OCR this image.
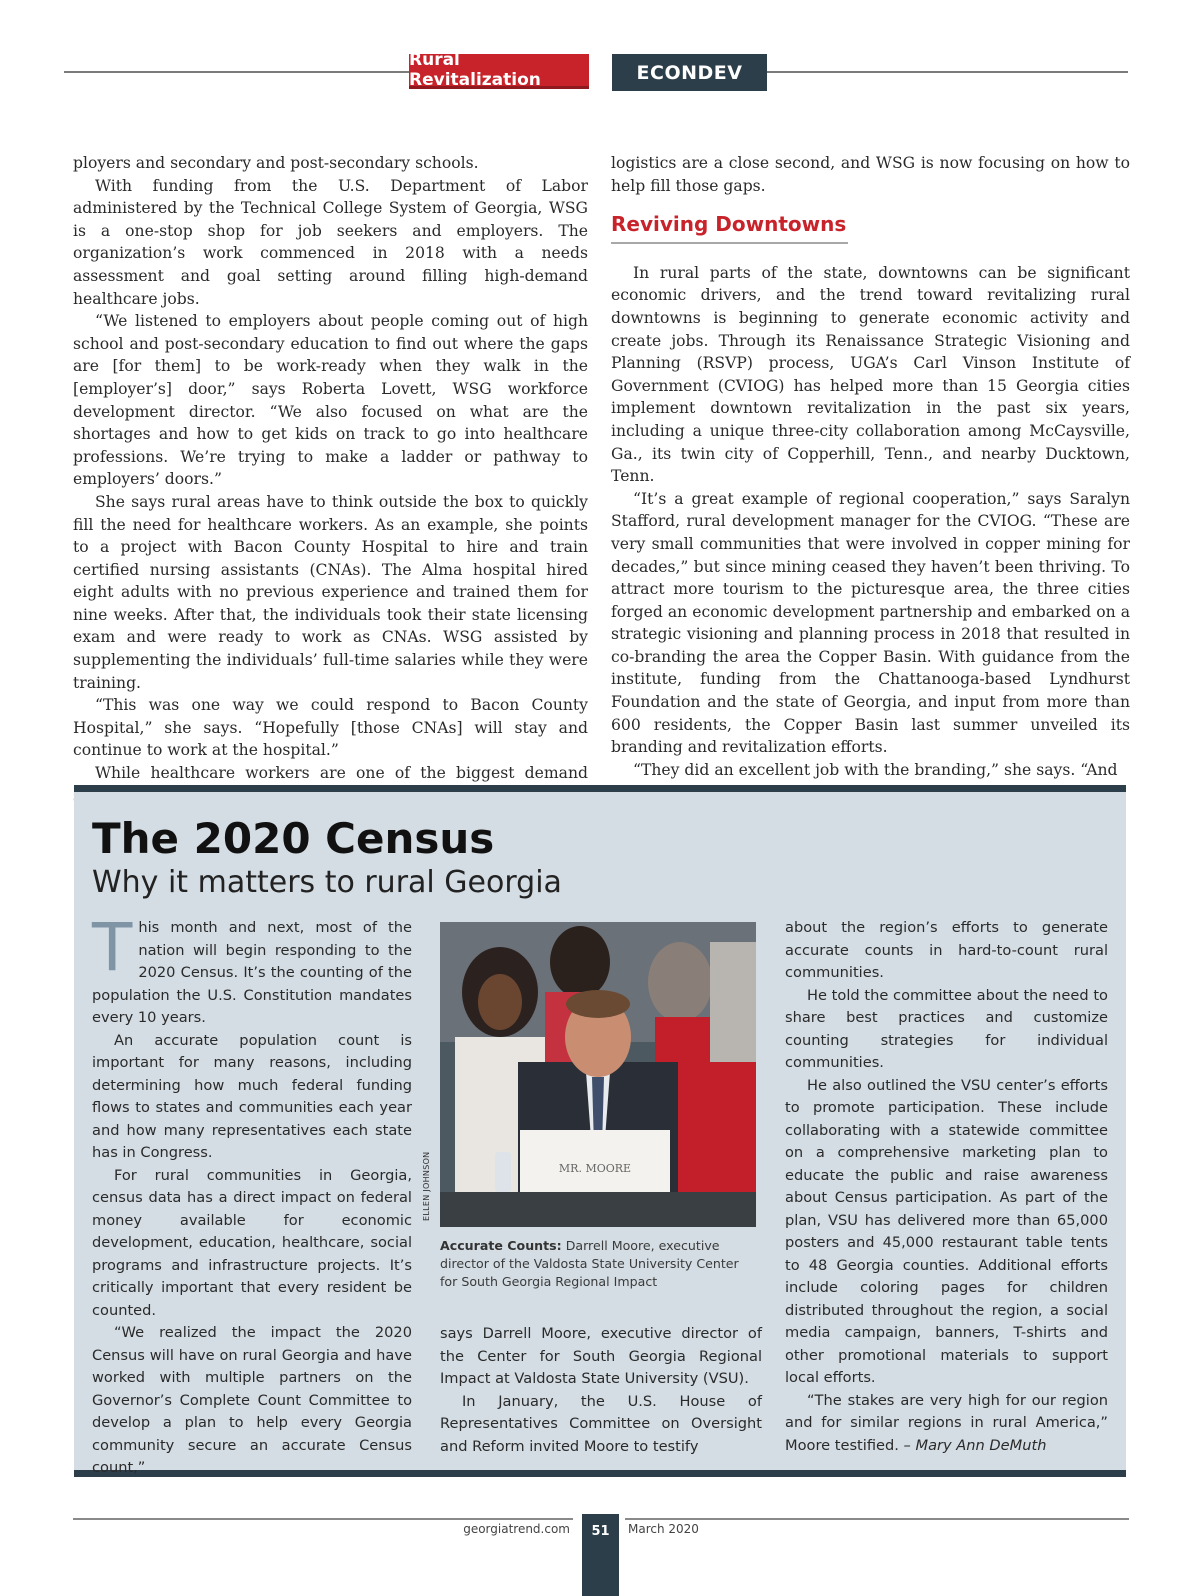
Rural Revitalization	ECONDEV

ployers and secondary and post-secondary schools.

With funding from the U.S. Department of Labor administered by the Technical College System of Georgia, WSG is a one-stop shop for job seekers and employers. The organization’s work commenced in 2018 with a needs assessment and goal setting around filling high-demand healthcare jobs.

“We listened to employers about people coming out of high school and post-secondary education to find out where the gaps are [for them] to be work-ready when they walk in the [employer’s] door,” says Roberta Lovett, WSG workforce development director. “We also focused on what are the shortages and how to get kids on track to go into healthcare professions. We’re trying to make a ladder or pathway to employers’ doors.”

She says rural areas have to think outside the box to quickly fill the need for healthcare workers. As an example, she points to a project with Bacon County Hospital to hire and train certified nursing assistants (CNAs). The Alma hospital hired eight adults with no previous experience and trained them for nine weeks. After that, the individuals took their state licensing exam and were ready to work as CNAs. WSG assisted by supplementing the individuals’ full-time salaries while they were training.

“This was one way we could respond to Bacon County Hospital,” she says. “Hopefully [those CNAs] will stay and continue to work at the hospital.”

While healthcare workers are one of the biggest demand

logistics are a close second, and WSG is now focusing on how to help fill those gaps.

Reviving Downtowns

In rural parts of the state, downtowns can be significant economic drivers, and the trend toward revitalizing rural downtowns is beginning to generate economic activity and create jobs. Through its Renaissance Strategic Visioning and Planning (RSVP) process, UGA’s Carl Vinson Institute of Government (CVIOG) has helped more than 15 Georgia cities implement downtown revitalization in the past six years, including a unique three-city collaboration among McCaysville, Ga., its twin city of Copperhill, Tenn., and nearby Ducktown, Tenn.

“It’s a great example of regional cooperation,” says Saralyn Stafford, rural development manager for the CVIOG. “These are very small communities that were involved in copper mining for decades,” but since mining ceased they haven’t been thriving. To attract more tourism to the picturesque area, the three cities forged an economic development partnership and embarked on a strategic visioning and planning process in 2018 that resulted in co-branding the area the Copper Basin. With guidance from the institute, funding from the Chattanooga-based Lyndhurst Foundation and the state of Georgia, and input from more than 600 residents, the Copper Basin last summer unveiled its branding and revitalization efforts.

“They did an excellent job with the branding,” she says. “And

The 2020 Census
Why it matters to rural Georgia

This month and next, most of the nation will begin responding to the 2020 Census. It’s the counting of the population the U.S. Constitution mandates every 10 years.

An accurate population count is important for many reasons, including determining how much federal funding flows to states and communities each year and how many representatives each state has in Congress.

For rural communities in Georgia, census data has a direct impact on federal money available for economic development, education, healthcare, social programs and infrastructure projects. It’s critically important that every resident be counted.

“We realized the impact the 2020 Census will have on rural Georgia and have worked with multiple partners on the Governor’s Complete Count Committee to develop a plan to help every Georgia community secure an accurate Census count,”

MR. MOORE
ELLEN JOHNSON
Accurate Counts: Darrell Moore, executive director of the Valdosta State University Center for South Georgia Regional Impact

says Darrell Moore, executive director of the Center for South Georgia Regional Impact at Valdosta State University (VSU).

In January, the U.S. House of Representatives Committee on Oversight and Reform invited Moore to testify

about the region’s efforts to generate accurate counts in hard-to-count rural communities.

He told the committee about the need to share best practices and customize counting strategies for individual communities.

He also outlined the VSU center’s efforts to promote participation. These include collaborating with a statewide committee on a comprehensive marketing plan to educate the public and raise awareness about Census participation. As part of the plan, VSU has delivered more than 65,000 posters and 45,000 restaurant table tents to 48 Georgia counties. Additional efforts include coloring pages for children distributed throughout the region, a social media campaign, banners, T-shirts and other promotional materials to support local efforts.

“The stakes are very high for our region and for similar regions in rural America,” Moore testified. – Mary Ann DeMuth

georgiatrend.com	51	March 2020
